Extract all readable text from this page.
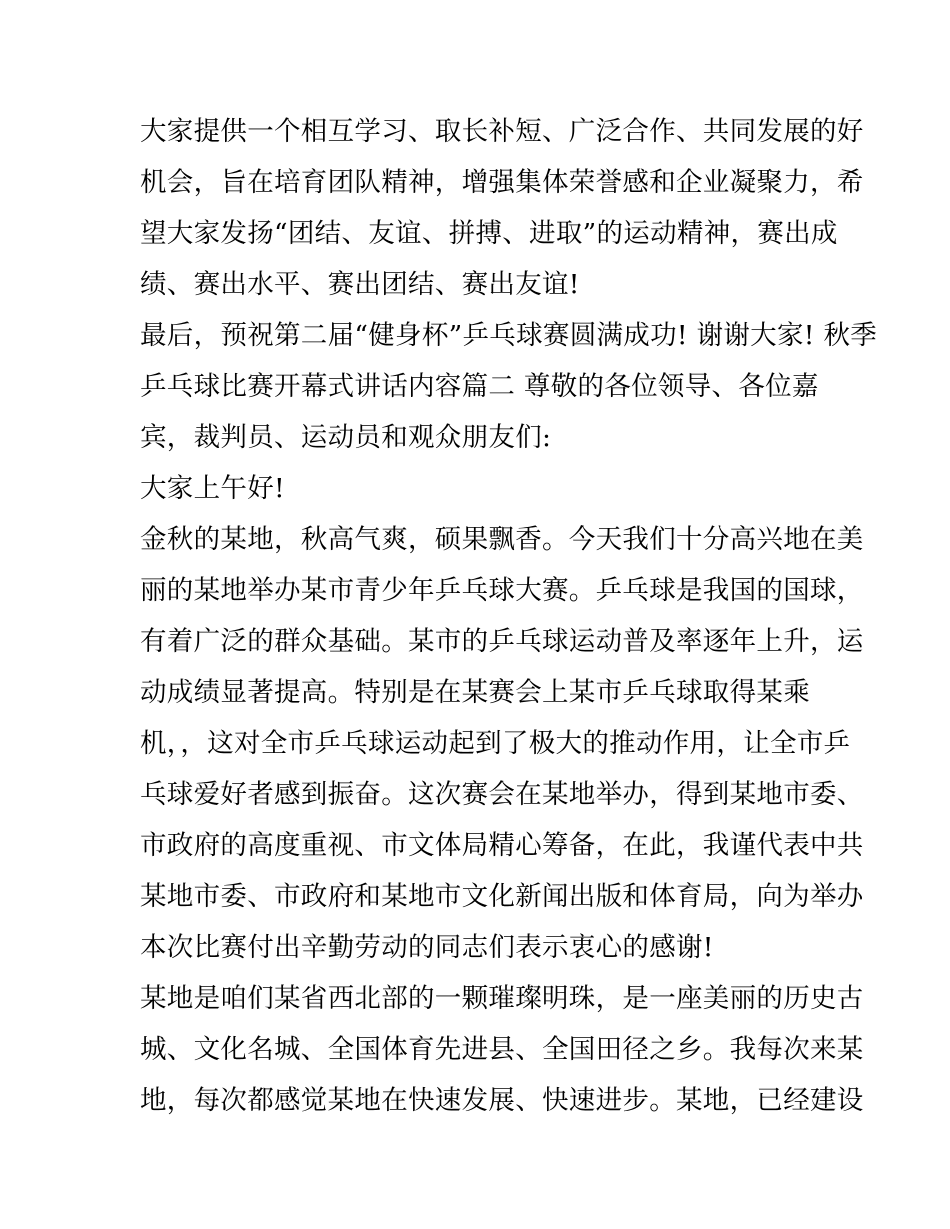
大家提供一个相互学习、取长补短、广泛合作、共同发展的好
机会，旨在培育团队精神，增强集体荣誉感和企业凝聚力，希
望大家发扬“团结、友谊、拼搏、进取”的运动精神，赛出成
绩、赛出水平、赛出团结、赛出友谊!
最后，预祝第二届“健身杯”乒乓球赛圆满成功! 谢谢大家! 秋季
乒乓球比赛开幕式讲话内容篇二 尊敬的各位领导、各位嘉
宾，裁判员、运动员和观众朋友们:
大家上午好!
金秋的某地，秋高气爽，硕果飘香。今天我们十分高兴地在美
丽的某地举办某市青少年乒乓球大赛。乒乓球是我国的国球，
有着广泛的群众基础。某市的乒乓球运动普及率逐年上升，运
动成绩显著提高。特别是在某赛会上某市乒乓球取得某乘
机，，这对全市乒乓球运动起到了极大的推动作用，让全市乒
乓球爱好者感到振奋。这次赛会在某地举办，得到某地市委、
市政府的高度重视、市文体局精心筹备，在此，我谨代表中共
某地市委、市政府和某地市文化新闻出版和体育局，向为举办
本次比赛付出辛勤劳动的同志们表示衷心的感谢!
某地是咱们某省西北部的一颗璀璨明珠，是一座美丽的历史古
城、文化名城、全国体育先进县、全国田径之乡。我每次来某
地，每次都感觉某地在快速发展、快速进步。某地，已经建设
